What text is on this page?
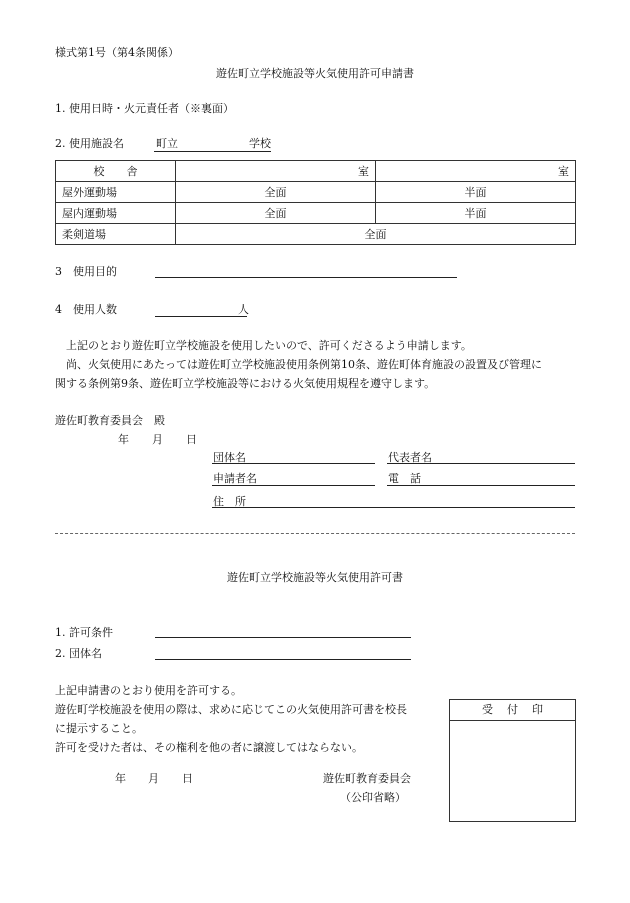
様式第1号（第4条関係）
遊佐町立学校施設等火気使用許可申請書
1. 使用日時・火元責任者（※裏面）
2. 使用施設名	町立	学校
校　　舎	室	室
屋外運動場	全面	半面
屋内運動場	全面	半面
柔剣道場	全面	
3　使用目的
4　使用人数	人
上記のとおり遊佐町立学校施設を使用したいので、許可くださるよう申請します。
尚、火気使用にあたっては遊佐町立学校施設使用条例第10条、遊佐町体育施設の設置及び管理に
関する条例第9条、遊佐町立学校施設等における火気使用規程を遵守します。
遊佐町教育委員会　殿
年 月 日
団体名	代表者名
申請者名	電　話
住　所
遊佐町立学校施設等火気使用許可書
1. 許可条件
2. 団体名
上記申請書のとおり使用を許可する。
遊佐町学校施設を使用の際は、求めに応じてこの火気使用許可書を校長
に提示すること。
許可を受けた者は、その権利を他の者に譲渡してはならない。
年 月 日	遊佐町教育委員会
（公印省略）
受付印
